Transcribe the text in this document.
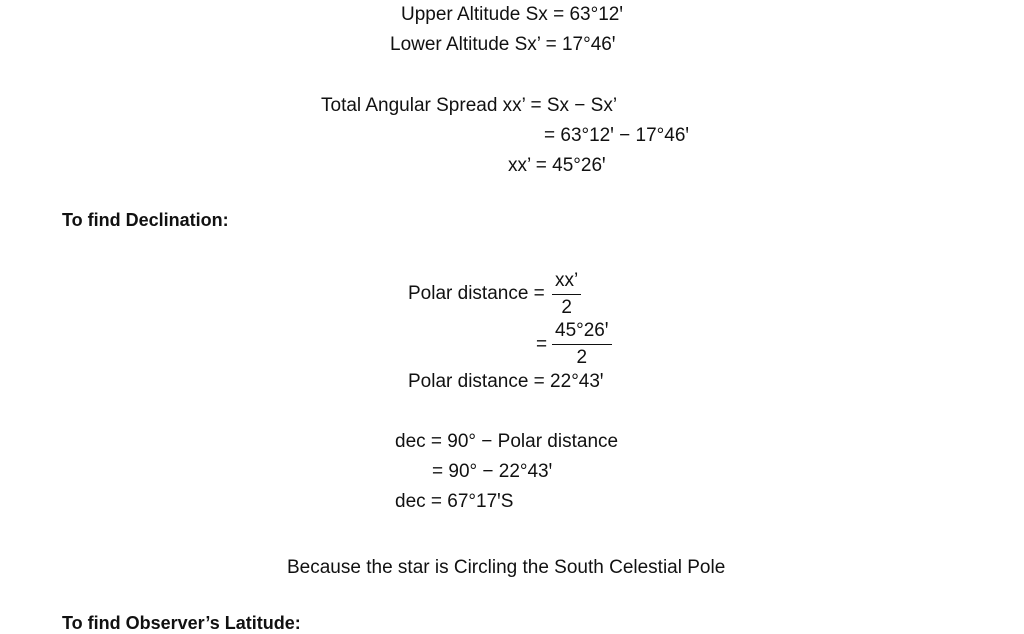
Upper Altitude Sx = 63°12ꞌ
Lower Altitude Sx’ = 17°46ꞌ
Total Angular Spread xx’ = Sx − Sx’
= 63°12ꞌ − 17°46ꞌ
xx’ = 45°26ꞌ
To find Declination:
Polar distance = $\frac{xx’}{2}$
= $\frac{\text{45°26ꞌ}}{2}$
Polar distance = 22°43ꞌ
dec = 90° − Polar distance
= 90° − 22°43ꞌ
dec = 67°17ꞌS
Because the star is Circling the South Celestial Pole
To find Observer’s Latitude:
